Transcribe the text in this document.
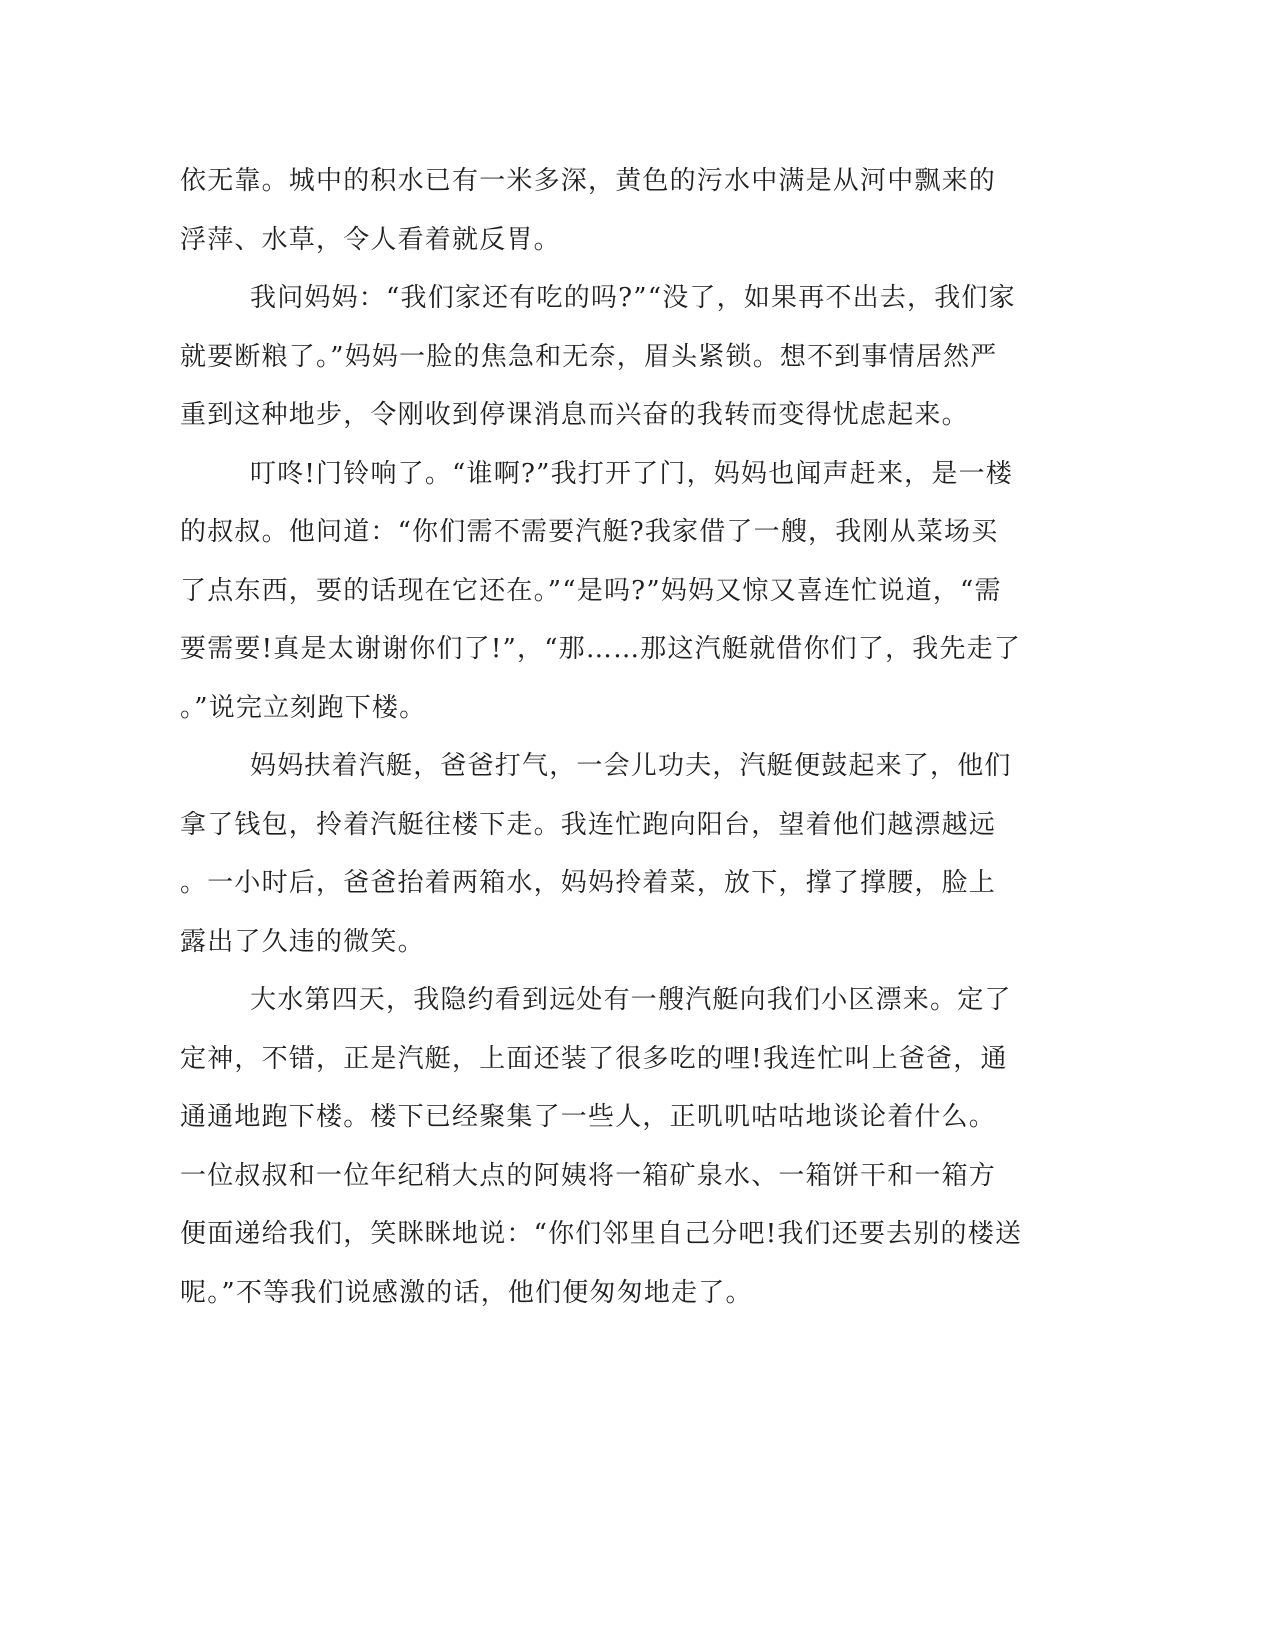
依无靠。城中的积水已有一米多深，黄色的污水中满是从河中飘来的
浮萍、水草，令人看着就反胃。
我问妈妈：“我们家还有吃的吗?”“没了，如果再不出去，我们家
就要断粮了。”妈妈一脸的焦急和无奈，眉头紧锁。想不到事情居然严
重到这种地步，令刚收到停课消息而兴奋的我转而变得忧虑起来。
叮咚!门铃响了。“谁啊?”我打开了门，妈妈也闻声赶来，是一楼
的叔叔。他问道：“你们需不需要汽艇?我家借了一艘，我刚从菜场买
了点东西，要的话现在它还在。”“是吗?”妈妈又惊又喜连忙说道，“需
要需要!真是太谢谢你们了!”，“那……那这汽艇就借你们了，我先走了
。”说完立刻跑下楼。
妈妈扶着汽艇，爸爸打气，一会儿功夫，汽艇便鼓起来了，他们
拿了钱包，拎着汽艇往楼下走。我连忙跑向阳台，望着他们越漂越远
。一小时后，爸爸抬着两箱水，妈妈拎着菜，放下，撑了撑腰，脸上
露出了久违的微笑。
大水第四天，我隐约看到远处有一艘汽艇向我们小区漂来。定了
定神，不错，正是汽艇，上面还装了很多吃的哩!我连忙叫上爸爸，通
通通地跑下楼。楼下已经聚集了一些人，正叽叽咕咕地谈论着什么。
一位叔叔和一位年纪稍大点的阿姨将一箱矿泉水、一箱饼干和一箱方
便面递给我们，笑眯眯地说：“你们邻里自己分吧!我们还要去别的楼送
呢。”不等我们说感激的话，他们便匆匆地走了。
